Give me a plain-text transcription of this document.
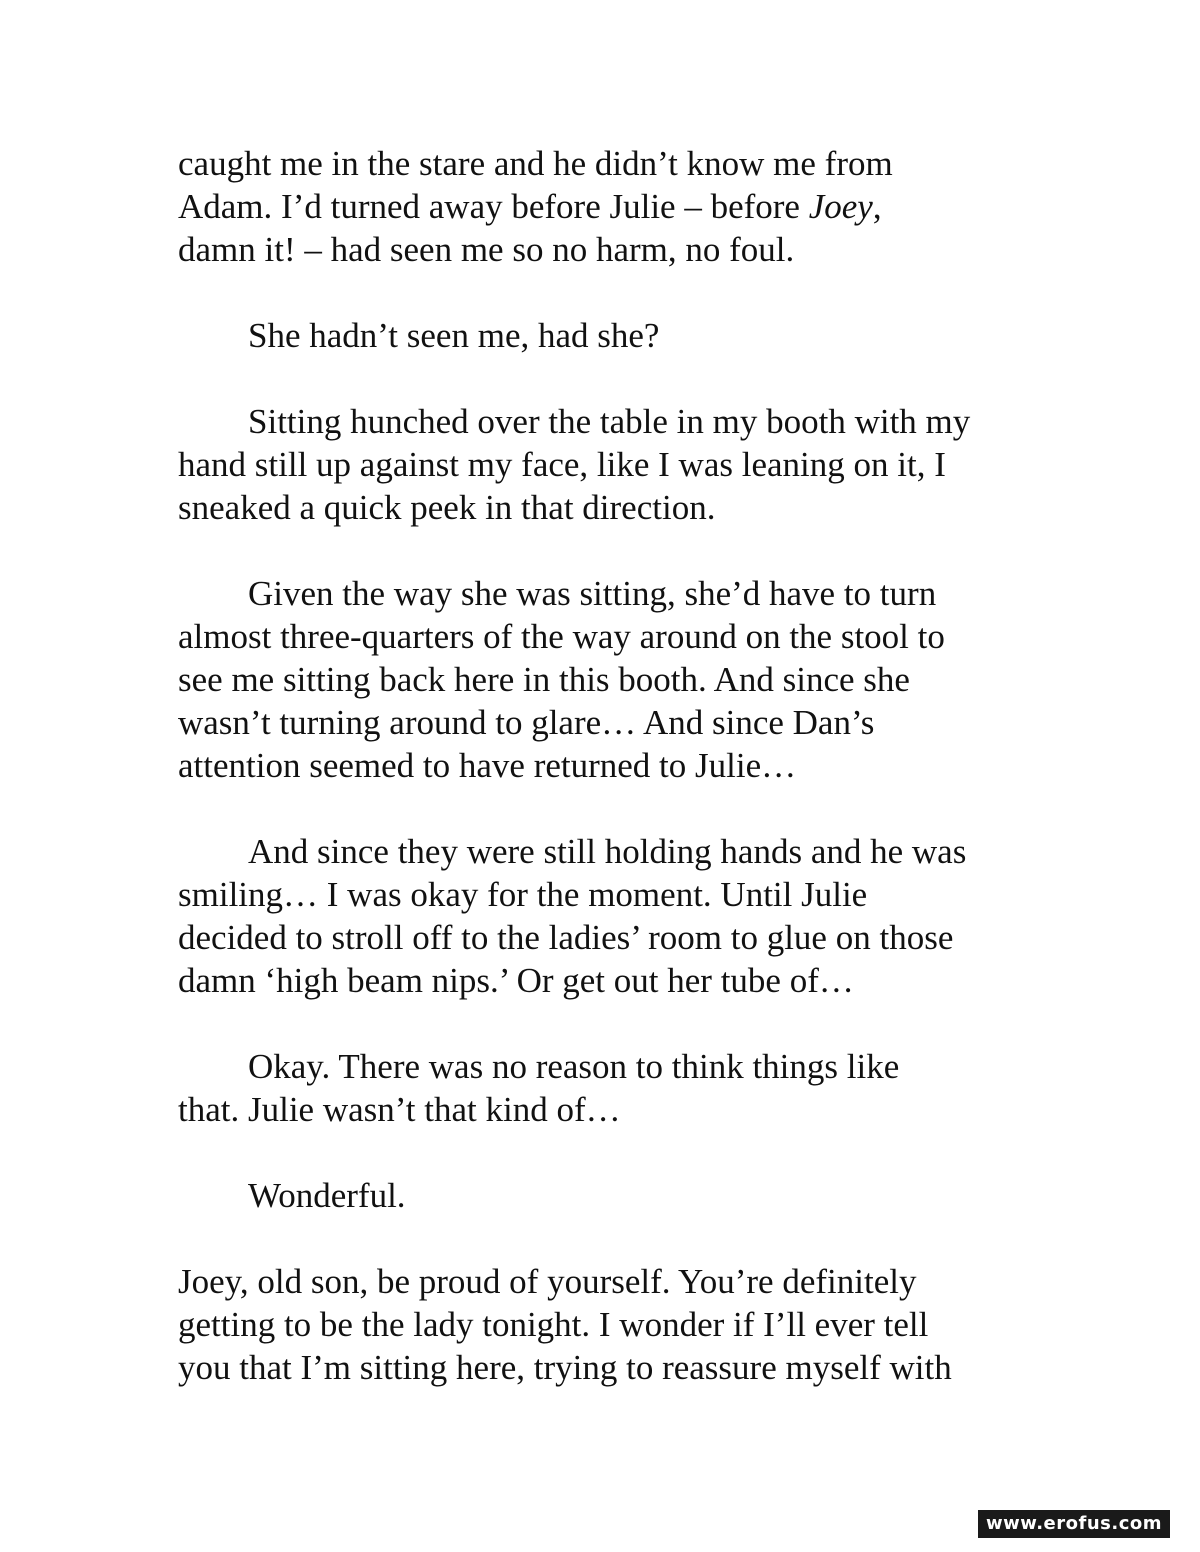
caught me in the stare and he didn’t know me from
Adam. I’d turned away before Julie – before Joey,
damn it! – had seen me so no harm, no foul.
She hadn’t seen me, had she?
Sitting hunched over the table in my booth with my
hand still up against my face, like I was leaning on it, I
sneaked a quick peek in that direction.
Given the way she was sitting, she’d have to turn
almost three-quarters of the way around on the stool to
see me sitting back here in this booth. And since she
wasn’t turning around to glare… And since Dan’s
attention seemed to have returned to Julie…
And since they were still holding hands and he was
smiling… I was okay for the moment. Until Julie
decided to stroll off to the ladies’ room to glue on those
damn ‘high beam nips.’ Or get out her tube of…
Okay. There was no reason to think things like
that. Julie wasn’t that kind of…
Wonderful.
Joey, old son, be proud of yourself. You’re definitely
getting to be the lady tonight. I wonder if I’ll ever tell
you that I’m sitting here, trying to reassure myself with
www.erofus.com
